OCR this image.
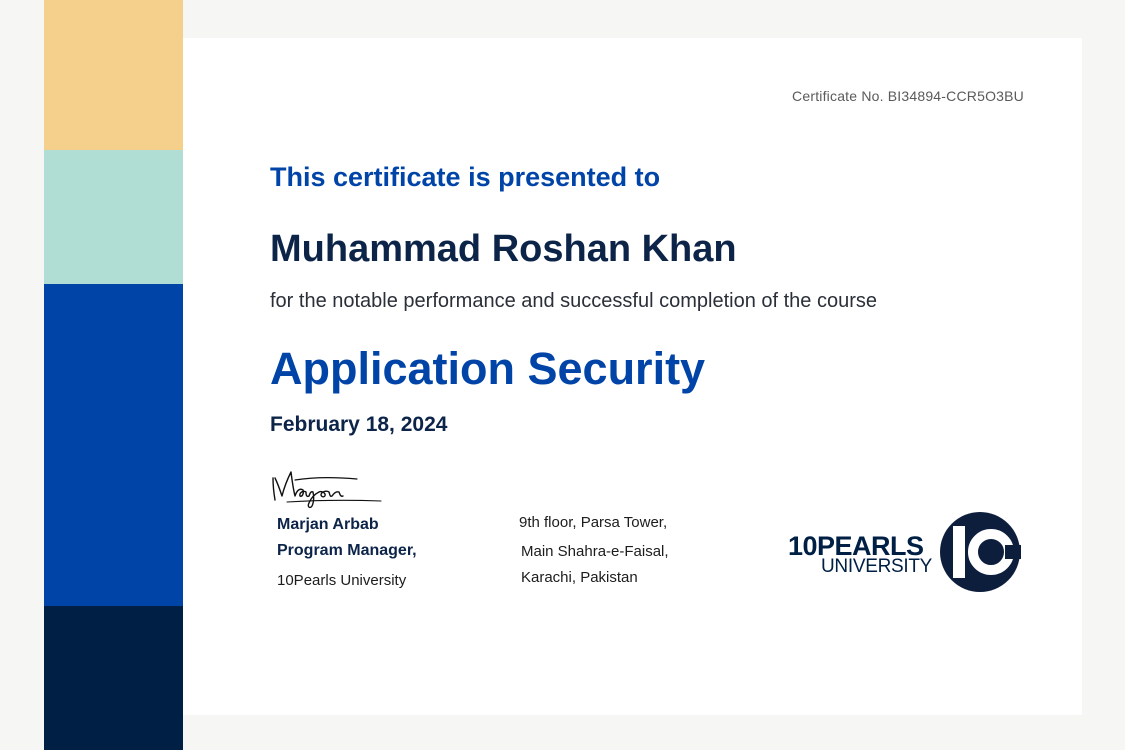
Certificate No. BI34894-CCR5O3BU
This certificate is presented to
Muhammad Roshan Khan
for the notable performance and successful completion of the course
Application Security
February 18, 2024
Marjan Arbab
Program Manager,
10Pearls University
9th floor, Parsa Tower,
Main Shahra-e-Faisal,
Karachi, Pakistan
10PEARLS
UNIVERSITY
